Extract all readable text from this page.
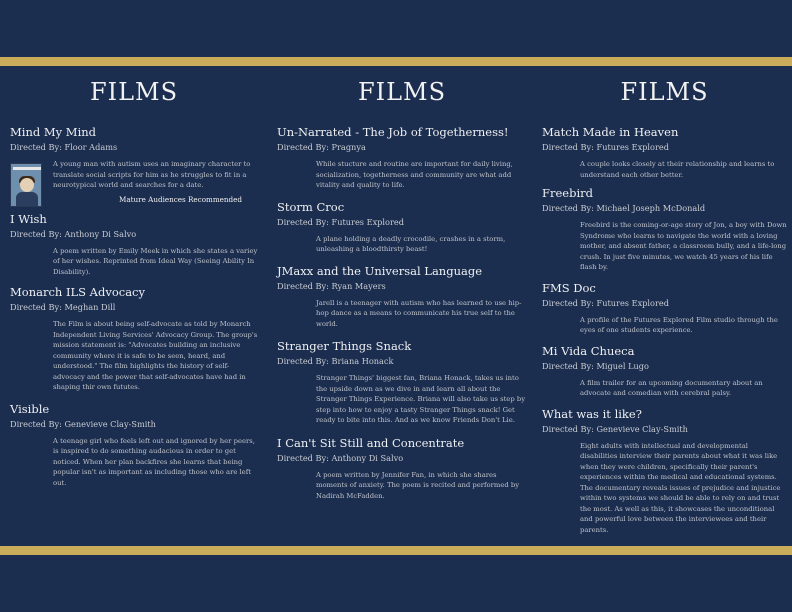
FILMS
Mind My Mind
Directed By: Floor Adams
A young man with autism uses an imaginary character to translate social scripts for him as he struggles to fit in a neurotypical world and searches for a date.
Mature Audiences Recommended
I Wish
Directed By: Anthony Di Salvo
A poem written by Emily Meek in which she states a variey of her wishes. Reprinted from Ideal Way (Seeing Ability In Disability).
Monarch ILS Advocacy
Directed By: Meghan Dill
The Film is about being self-advocate as told by Monarch Independent Living Services' Advocacy Group. The group's mission statement is: "Advocates building an inclusive community where it is safe to be seen, heard, and understood." The film highlights the history of self-advocacy and the power that self-advocates have had in shaping thir own fututes.
Visible
Directed By: Genevieve Clay-Smith
A teenage girl who feels left out and ignored by her peers, is inspired to do something audacious in order to get noticed. When her plan backfires she learns that being popular isn't as important as including those who are left out.
FILMS
Un-Narrated - The Job of Togetherness!
Directed By: Pragnya
While stucture and routine are important for daily living, socialization, togetherness and community are what add vitality and quality to life.
Storm Croc
Directed By: Futures Explored
A plane holding a deadly crocodile, crashes in a storm, unleashing a bloodthirsty beast!
JMaxx and the Universal Language
Directed By: Ryan Mayers
Jarell is a teenager with autism who has learned to use hip-hop dance as a means to communicate his true self to the world.
Stranger Things Snack
Directed By: Briana Honack
Stranger Things' biggest fan, Briana Honack, takes us into the upside down as we dive in and learn all about the Stranger Things Experience. Briana will also take us step by step into how to enjoy a tasty Stranger Things snack! Get ready to bite into this. And as we know Friends Don't Lie.
I Can't Sit Still and Concentrate
Directed By: Anthony Di Salvo
A poem written by Jennifer Fan, in which she shares moments of anxiety. The poem is recited and performed by Nadirah McFadden.
FILMS
Match Made in Heaven
Directed By: Futures Explored
A couple looks closely at their relationship and learns to understand each other better.
Freebird
Directed By: Michael Joseph McDonald
Freebird is the coming-or-age story of Jon, a boy with Down Syndrome who learns to navigate the world with a loving mother, and absent father, a classroom bully, and a life-long crush. In just five minutes, we watch 45 years of his life flash by.
FMS Doc
Directed By: Futures Explored
A profile of the Futures Explored Film studio through the eyes of one students experience.
Mi Vida Chueca
Directed By: Miguel Lugo
A film trailer for an upcoming documentary about an advocate and comedian with cerebral palsy.
What was it like?
Directed By: Genevieve Clay-Smith
Eight adults with intellectual and developmental disabilities interview their parents about what it was like when they were children, specifically their parent's experiences within the medical and educational systems. The documentary reveals issues of prejudice and injustice within two systems we should be able to rely on and trust the most. As well as this, it showcases the unconditional and powerful love between the interviewees and their parents.
